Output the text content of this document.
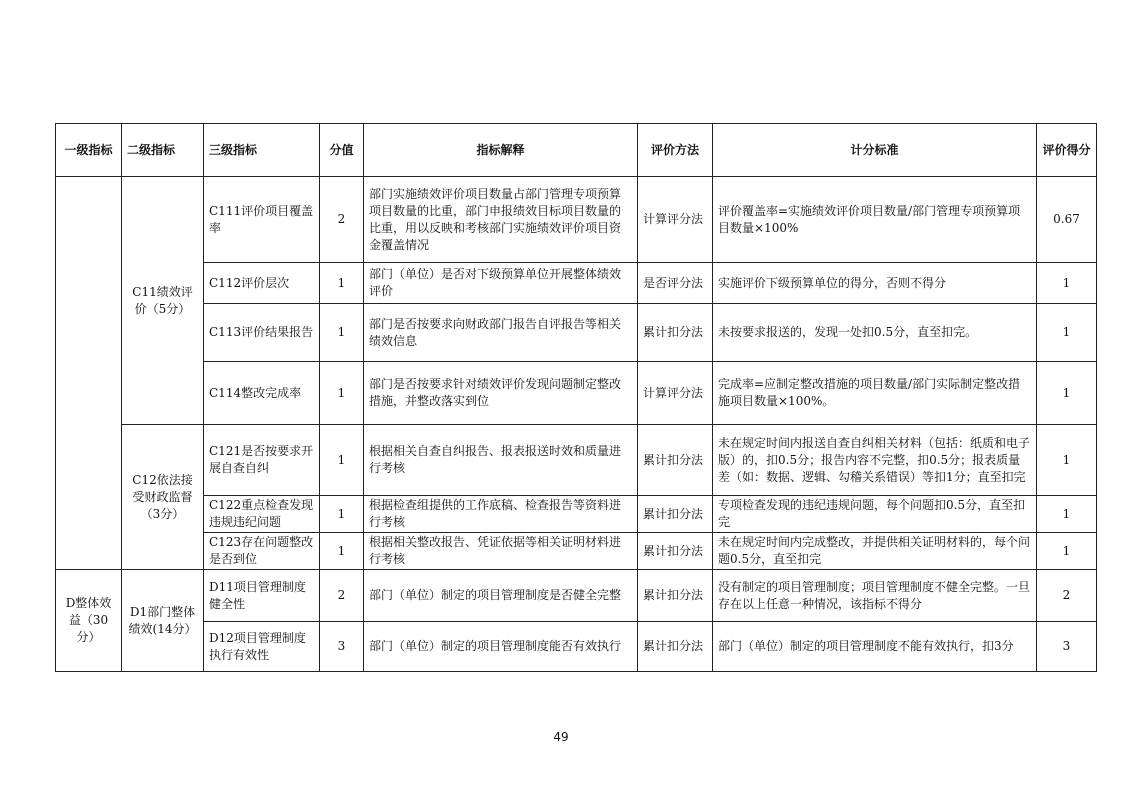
一级指标	二级指标	三级指标	分值	指标解释	评价方法	计分标准	评价得分
	C11绩效评价（5分）	C111评价项目覆盖率	2	部门实施绩效评价项目数量占部门管理专项预算项目数量的比重，部门申报绩效目标项目数量的比重，用以反映和考核部门实施绩效评价项目资金覆盖情况	计算评分法	评价覆盖率=实施绩效评价项目数量/部门管理专项预算项目数量×100%	0.67
		C112评价层次	1	部门（单位）是否对下级预算单位开展整体绩效评价	是否评分法	实施评价下级预算单位的得分，否则不得分	1
		C113评价结果报告	1	部门是否按要求向财政部门报告自评报告等相关绩效信息	累计扣分法	未按要求报送的，发现一处扣0.5分，直至扣完。	1
		C114整改完成率	1	部门是否按要求针对绩效评价发现问题制定整改措施，并整改落实到位	计算评分法	完成率=应制定整改措施的项目数量/部门实际制定整改措施项目数量×100%。	1
	C12依法接受财政监督（3分）	C121是否按要求开展自查自纠	1	根据相关自查自纠报告、报表报送时效和质量进行考核	累计扣分法	未在规定时间内报送自查自纠相关材料（包括：纸质和电子版）的，扣0.5分；报告内容不完整，扣0.5分；报表质量差（如：数据、逻辑、勾稽关系错误）等扣1分；直至扣完	1
		C122重点检查发现违规违纪问题	1	根据检查组提供的工作底稿、检查报告等资料进行考核	累计扣分法	专项检查发现的违纪违规问题，每个问题扣0.5分，直至扣完	1
		C123存在问题整改是否到位	1	根据相关整改报告、凭证依据等相关证明材料进行考核	累计扣分法	未在规定时间内完成整改，并提供相关证明材料的，每个问题0.5分，直至扣完	1
D整体效益（30分）	D1部门整体绩效(14分）	D11项目管理制度健全性	2	部门（单位）制定的项目管理制度是否健全完整	累计扣分法	没有制定的项目管理制度；项目管理制度不健全完整。一旦存在以上任意一种情况，该指标不得分	2
		D12项目管理制度执行有效性	3	部门（单位）制定的项目管理制度能否有效执行	累计扣分法	部门（单位）制定的项目管理制度不能有效执行，扣3分	3
49
